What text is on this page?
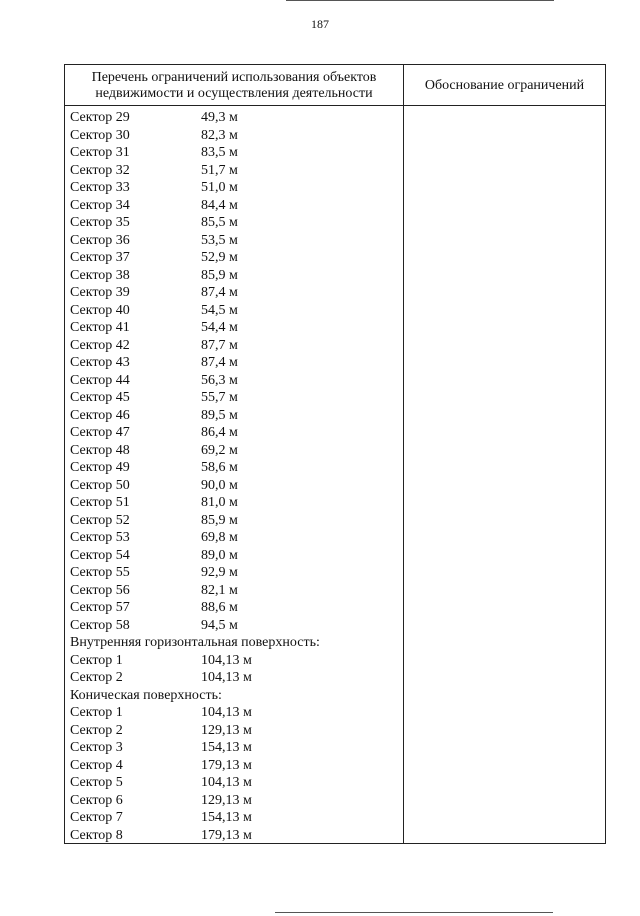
187
Перечень ограничений использования объектов
недвижимости и осуществления деятельности
Обоснование ограничений
Сектор 29	49,3 м
Сектор 30	82,3 м
Сектор 31	83,5 м
Сектор 32	51,7 м
Сектор 33	51,0 м
Сектор 34	84,4 м
Сектор 35	85,5 м
Сектор 36	53,5 м
Сектор 37	52,9 м
Сектор 38	85,9 м
Сектор 39	87,4 м
Сектор 40	54,5 м
Сектор 41	54,4 м
Сектор 42	87,7 м
Сектор 43	87,4 м
Сектор 44	56,3 м
Сектор 45	55,7 м
Сектор 46	89,5 м
Сектор 47	86,4 м
Сектор 48	69,2 м
Сектор 49	58,6 м
Сектор 50	90,0 м
Сектор 51	81,0 м
Сектор 52	85,9 м
Сектор 53	69,8 м
Сектор 54	89,0 м
Сектор 55	92,9 м
Сектор 56	82,1 м
Сектор 57	88,6 м
Сектор 58	94,5 м
Внутренняя горизонтальная поверхность:
Сектор 1	104,13 м
Сектор 2	104,13 м
Коническая поверхность:
Сектор 1	104,13 м
Сектор 2	129,13 м
Сектор 3	154,13 м
Сектор 4	179,13 м
Сектор 5	104,13 м
Сектор 6	129,13 м
Сектор 7	154,13 м
Сектор 8	179,13 м
